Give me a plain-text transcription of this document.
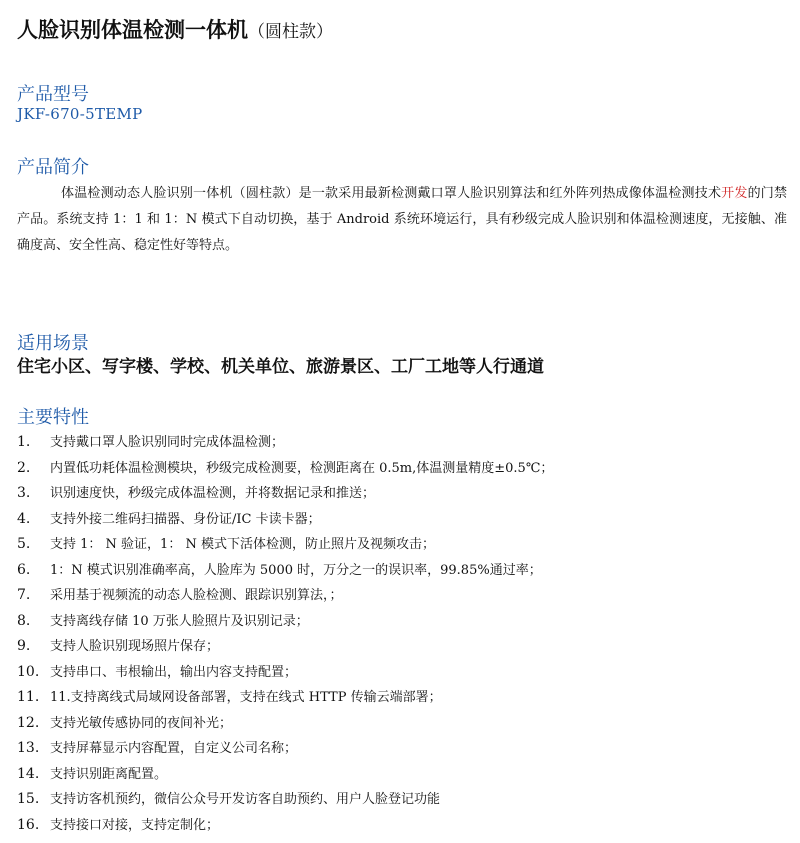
人脸识别体温检测一体机（圆柱款）
产品型号
JKF-670-5TEMP
产品简介
体温检测动态人脸识别一体机（圆柱款）是一款采用最新检测戴口罩人脸识别算法和红外阵列热成像体温检测技术开发的门禁产品。系统支持 1：1 和 1：N 模式下自动切换，基于 Android 系统环境运行，具有秒级完成人脸识别和体温检测速度，无接触、准确度高、安全性高、稳定性好等特点。
适用场景
住宅小区、写字楼、学校、机关单位、旅游景区、工厂工地等人行通道
主要特性
1. 支持戴口罩人脸识别同时完成体温检测；
2. 内置低功耗体温检测模块，秒级完成检测要，检测距离在 0.5m,体温测量精度±0.5℃；
3. 识别速度快，秒级完成体温检测，并将数据记录和推送；
4. 支持外接二维码扫描器、身份证/IC 卡读卡器；
5. 支持 1： N 验证，1： N 模式下活体检测，防止照片及视频攻击；
6. 1：N 模式识别准确率高，人脸库为 5000 时，万分之一的误识率，99.85%通过率；
7. 采用基于视频流的动态人脸检测、跟踪识别算法，；
8. 支持离线存储 10 万张人脸照片及识别记录；
9. 支持人脸识别现场照片保存；
10. 支持串口、韦根输出，输出内容支持配置；
11. 11.支持离线式局域网设备部署，支持在线式 HTTP 传输云端部署；
12. 支持光敏传感协同的夜间补光；
13. 支持屏幕显示内容配置，自定义公司名称；
14. 支持识别距离配置。
15. 支持访客机预约，微信公众号开发访客自助预约、用户人脸登记功能
16. 支持接口对接，支持定制化；
